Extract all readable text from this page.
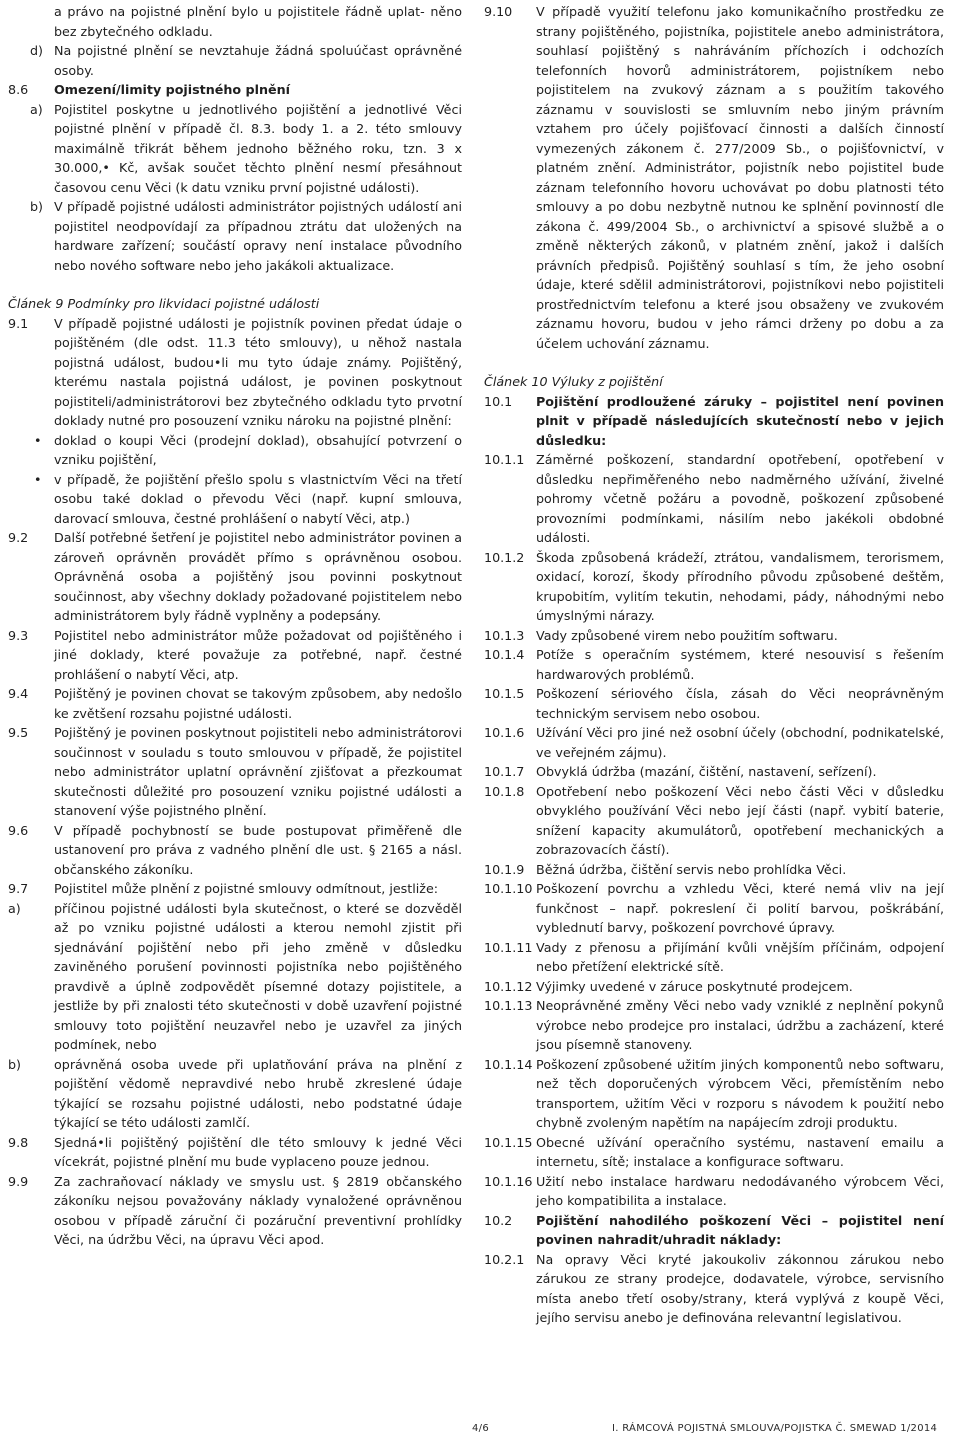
a právo na pojistné plnění bylo u pojistitele řádně uplat- něno bez zbytečného odkladu.
d) Na pojistné plnění se nevztahuje žádná spoluúčast oprávněné osoby.
8.6	Omezení/limity pojistného plnění
a) Pojistitel poskytne u jednotlivého pojištění a jednotlivé Věci pojistné plnění v případě čl. 8.3. body 1. a 2. této smlouvy maximálně třikrát během jednoho běžného roku, tzn. 3 x 30.000,• Kč, avšak součet těchto plnění nesmí přesáhnout časovou cenu Věci (k datu vzniku první pojistné události).
b) V případě pojistné události administrátor pojistných událostí ani pojistitel neodpovídají za případnou ztrátu dat uložených na hardware zařízení; součástí opravy není instalace původního nebo nového software nebo jeho jakákoli aktualizace.
Článek 9 Podmínky pro likvidaci pojistné události
9.1	V případě pojistné události je pojistník povinen předat údaje o pojištěném (dle odst. 11.3 této smlouvy), u něhož nastala pojistná událost, budou•li mu tyto údaje známy. Pojištěný, kterému nastala pojistná událost, je povinen poskytnout pojistiteli/administrátorovi bez zbytečného odkladu tyto prvotní doklady nutné pro posouzení vzniku nároku na pojistné plnění:
• doklad o koupi Věci (prodejní doklad), obsahující potvrzení o vzniku pojištění,
• v případě, že pojištění přešlo spolu s vlastnictvím Věci na třetí osobu také doklad o převodu Věci (např. kupní smlouva, darovací smlouva, čestné prohlášení o nabytí Věci, atp.)
9.2	Další potřebné šetření je pojistitel nebo administrátor povinen a zároveň oprávněn provádět přímo s oprávněnou osobou. Oprávněná osoba a pojištěný jsou povinni poskytnout součinnost, aby všechny doklady požadované pojistitelem nebo administrátorem byly řádně vyplněny a podepsány.
9.3	Pojistitel nebo administrátor může požadovat od pojištěného i jiné doklady, které považuje za potřebné, např. čestné prohlášení o nabytí Věci, atp.
9.4	Pojištěný je povinen chovat se takovým způsobem, aby nedošlo ke zvětšení rozsahu pojistné události.
9.5	Pojištěný je povinen poskytnout pojistiteli nebo administrátorovi součinnost v souladu s touto smlouvou v případě, že pojistitel nebo administrátor uplatní oprávnění zjišťovat a přezkoumat skutečnosti důležité pro posouzení vzniku pojistné události a stanovení výše pojistného plnění.
9.6	V případě pochybností se bude postupovat přiměřeně dle ustanovení pro práva z vadného plnění dle ust. § 2165 a násl. občanského zákoníku.
9.7	Pojistitel může plnění z pojistné smlouvy odmítnout, jestliže:
a)	příčinou pojistné události byla skutečnost, o které se dozvěděl až po vzniku pojistné události a kterou nemohl zjistit při sjednávání pojištění nebo při jeho změně v důsledku zaviněného porušení povinnosti pojistníka nebo pojištěného pravdivě a úplně zodpovědět písemné dotazy pojistitele, a jestliže by při znalosti této skutečnosti v době uzavření pojistné smlouvy toto pojištění neuzavřel nebo je uzavřel za jiných podmínek, nebo
b)	oprávněná osoba uvede při uplatňování práva na plnění z pojištění vědomě nepravdivé nebo hrubě zkreslené údaje týkající se rozsahu pojistné události, nebo podstatné údaje týkající se této události zamlčí.
9.8	Sjedná•li pojištěný pojištění dle této smlouvy k jedné Věci vícekrát, pojistné plnění mu bude vyplaceno pouze jednou.
9.9	Za zachraňovací náklady ve smyslu ust. § 2819 občanského zákoníku nejsou považovány náklady vynaložené oprávněnou osobou v případě záruční či pozáruční preventivní prohlídky Věci, na údržbu Věci, na úpravu Věci apod.
9.10	V případě využití telefonu jako komunikačního prostředku ze strany pojištěného, pojistníka, pojistitele anebo administrátora, souhlasí pojištěný s nahráváním příchozích i odchozích telefonních hovorů administrátorem, pojistníkem nebo pojistitelem na zvukový záznam a s použitím takového záznamu v souvislosti se smluvním nebo jiným právním vztahem pro účely pojišťovací činnosti a dalších činností vymezených zákonem č. 277/2009 Sb., o pojišťovnictví, v platném znění. Administrátor, pojistník nebo pojistitel bude záznam telefonního hovoru uchovávat po dobu platnosti této smlouvy a po dobu nezbytně nutnou ke splnění povinností dle zákona č. 499/2004 Sb., o archivnictví a spisové službě a o změně některých zákonů, v platném znění, jakož i dalších právních předpisů. Pojištěný souhlasí s tím, že jeho osobní údaje, které sdělil administrátorovi, pojistníkovi nebo pojistiteli prostřednictvím telefonu a které jsou obsaženy ve zvukovém záznamu hovoru, budou v jeho rámci drženy po dobu a za účelem uchování záznamu.
Článek 10 Výluky z pojištění
10.1	Pojištění prodloužené záruky – pojistitel není povinen plnit v případě následujících skutečností nebo v jejich důsledku:
10.1.1 Záměrné poškození, standardní opotřebení, opotřebení v důsledku nepřiměřeného nebo nadměrného užívání, živelné pohromy včetně požáru a povodně, poškození způsobené provozními podmínkami, násilím nebo jakékoli obdobné události.
10.1.2 Škoda způsobená krádeží, ztrátou, vandalismem, terorismem, oxidací, korozí, škody přírodního původu způsobené deštěm, krupobitím, vylitím tekutin, nehodami, pády, náhodnými nebo úmyslnými nárazy.
10.1.3 Vady způsobené virem nebo použitím softwaru.
10.1.4 Potíže s operačním systémem, které nesouvisí s řešením hardwarových problémů.
10.1.5 Poškození sériového čísla, zásah do Věci neoprávněným technickým servisem nebo osobou.
10.1.6 Užívání Věci pro jiné než osobní účely (obchodní, podnikatelské, ve veřejném zájmu).
10.1.7 Obvyklá údržba (mazání, čištění, nastavení, seřízení).
10.1.8 Opotřebení nebo poškození Věci nebo části Věci v důsledku obvyklého používání Věci nebo její části (např. vybití baterie, snížení kapacity akumulátorů, opotřebení mechanických a zobrazovacích částí).
10.1.9 Běžná údržba, čištění servis nebo prohlídka Věci.
10.1.10 Poškození povrchu a vzhledu Věci, které nemá vliv na její funkčnost – např. pokreslení či polití barvou, poškrábání, vyblednutí barvy, poškození povrchové úpravy.
10.1.11 Vady z přenosu a přijímání kvůli vnějším příčinám, odpojení nebo přetížení elektrické sítě.
10.1.12 Výjimky uvedené v záruce poskytnuté prodejcem.
10.1.13 Neoprávněné změny Věci nebo vady vzniklé z neplnění pokynů výrobce nebo prodejce pro instalaci, údržbu a zacházení, které jsou písemně stanoveny.
10.1.14 Poškození způsobené užitím jiných komponentů nebo softwaru, než těch doporučených výrobcem Věci, přemístěním nebo transportem, užitím Věci v rozporu s návodem k použití nebo chybně zvoleným napětím na napájecím zdroji produktu.
10.1.15 Obecné užívání operačního systému, nastavení emailu a internetu, sítě; instalace a konfigurace softwaru.
10.1.16 Užití nebo instalace hardwaru nedodávaného výrobcem Věci, jeho kompatibilita a instalace.
10.2	Pojištění nahodilého poškození Věci – pojistitel není povinen nahradit/uhradit náklady:
10.2.1 Na opravy Věci kryté jakoukoliv zákonnou zárukou nebo zárukou ze strany prodejce, dodavatele, výrobce, servisního místa anebo třetí osoby/strany, která vyplývá z koupě Věci, jejího servisu anebo je definována relevantní legislativou.
4/6	I. RÁMCOVÁ POJISTNÁ SMLOUVA/POJISTKA Č. SMEWAD 1/2014
